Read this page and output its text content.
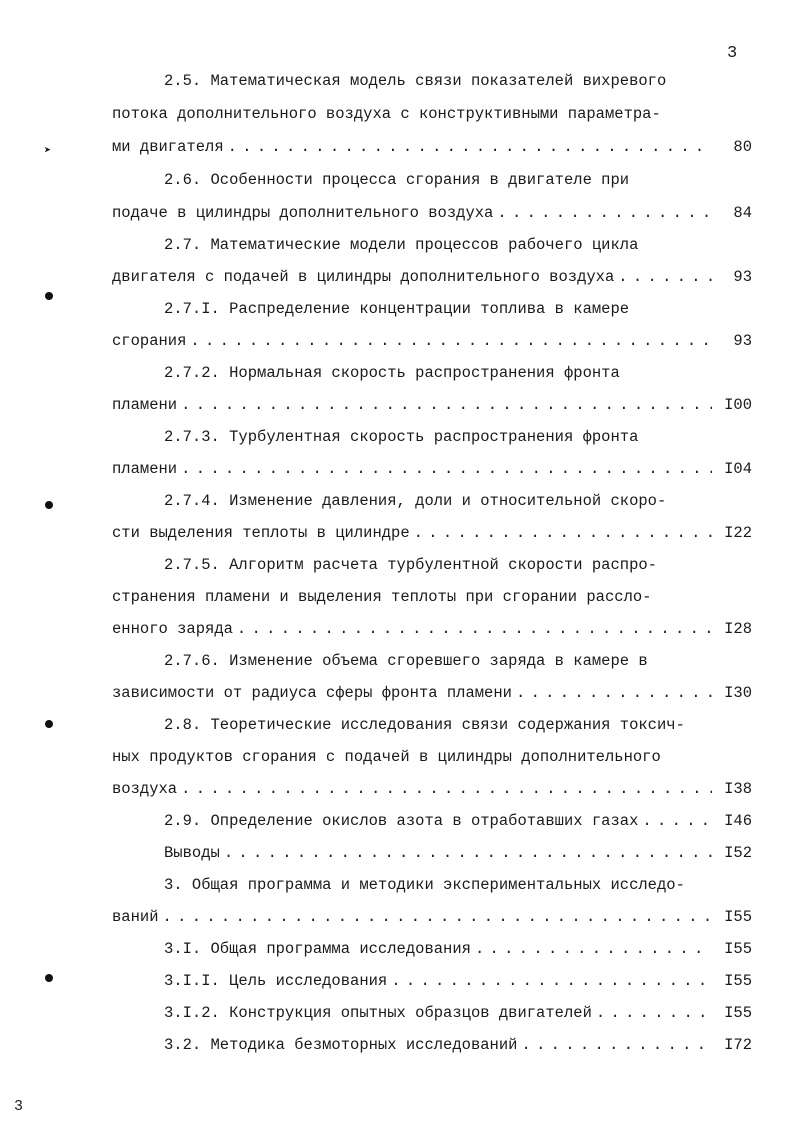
3
➤
2.5. Математическая модель связи показателей вихревого
потока дополнительного воздуха с конструктивными параметра-
ми двигателя . . .	80
2.6. Особенности процесса сгорания в двигателе при
подаче в цилиндры дополнительного воздуха . . .	84
2.7. Математические модели процессов рабочего цикла
двигателя с подачей в цилиндры дополнительного воздуха . . .	93
2.7.I. Распределение концентрации топлива в камере
сгорания . . .	93
2.7.2. Нормальная скорость распространения фронта
пламени . . .	I00
2.7.3. Турбулентная скорость распространения фронта
пламени . . .	I04
2.7.4. Изменение давления, доли и относительной скоро-
сти выделения теплоты в цилиндре . . .	I22
2.7.5. Алгоритм расчета турбулентной скорости распро-
странения пламени и выделения теплоты при сгорании расслo-
енного заряда . . .	I28
2.7.6. Изменение объема сгоревшего заряда в камере в
зависимости от радиуса сферы фронта пламени . . .	I30
2.8. Теоретические исследования связи содержания токсич-
ных продуктов сгорания с подачей в цилиндры дополнительного
воздуха . . .	I38
2.9. Определение окислов азота в отработавших газах . . .	I46
Выводы . . .	I52
3. Общая программа и методики экспериментальных исследо-
ваний . . .	I55
3.I. Общая программа исследования . . .	I55
3.I.I. Цель исследования . . .	I55
3.I.2. Конструкция опытных образцов двигателей . . .	I55
3.2. Методика безмоторных исследований . . .	I72
3
